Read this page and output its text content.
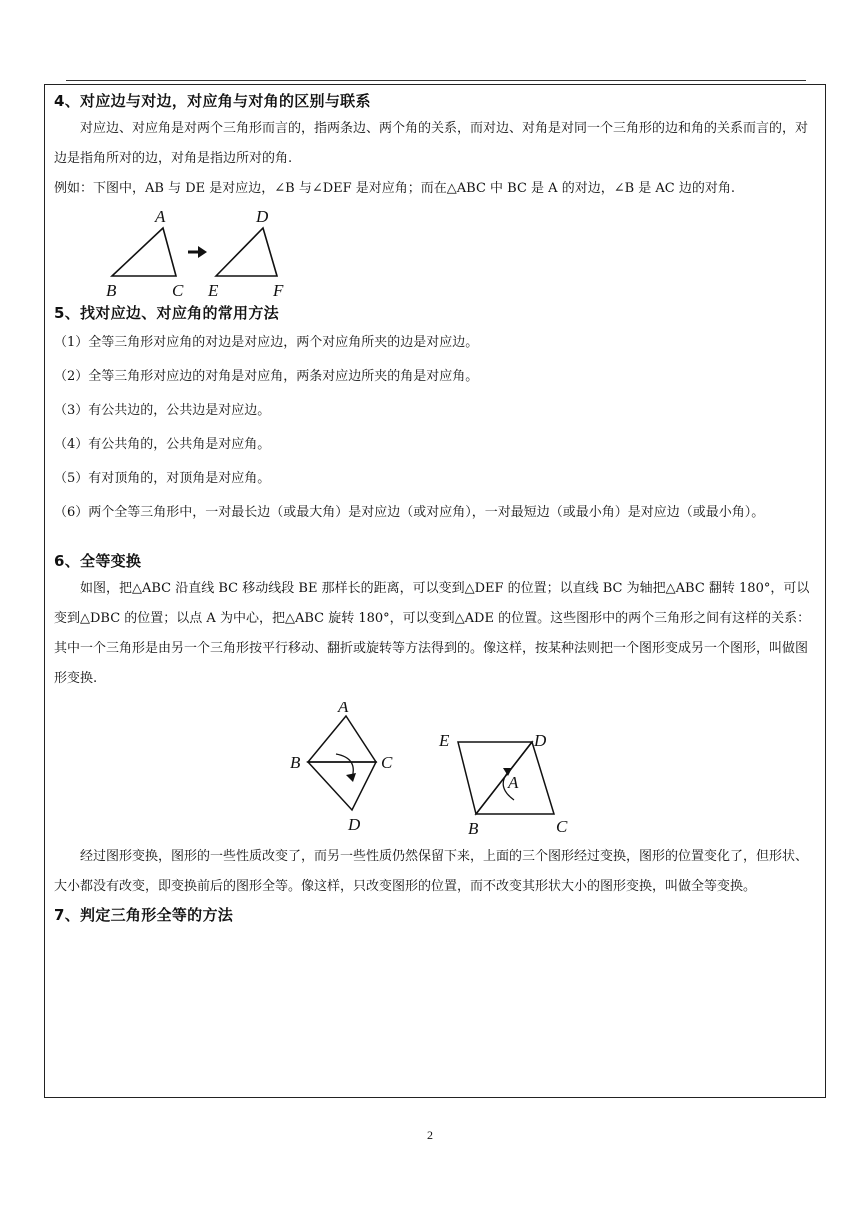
4、对应边与对边，对应角与对角的区别与联系

对应边、对应角是对两个三角形而言的，指两条边、两个角的关系，而对边、对角是对同一个三角形的边和角的关系而言的，对边是指角所对的边，对角是指边所对的角.

例如：下图中，AB 与 DE 是对应边，∠B 与∠DEF 是对应角；而在△ABC 中 BC 是 A 的对边，∠B 是 AC 边的对角.

A
B	C
D
E	F
5、找对应边、对应角的常用方法

（1）全等三角形对应角的对边是对应边，两个对应角所夹的边是对应边。

（2）全等三角形对应边的对角是对应角，两条对应边所夹的角是对应角。

（3）有公共边的，公共边是对应边。

（4）有公共角的，公共角是对应角。

（5）有对顶角的，对顶角是对应角。

（6）两个全等三角形中，一对最长边（或最大角）是对应边（或对应角），一对最短边（或最小角）是对应边（或最小角）。

6、全等变换

如图，把△ABC 沿直线 BC 移动线段 BE 那样长的距离，可以变到△DEF 的位置；以直线 BC 为轴把△ABC 翻转 180°，可以变到△DBC 的位置；以点 A 为中心，把△ABC 旋转 180°，可以变到△ADE 的位置。这些图形中的两个三角形之间有这样的关系：其中一个三角形是由另一个三角形按平行移动、翻折或旋转等方法得到的。像这样，按某种法则把一个图形变成另一个图形，叫做图形变换.

A
B	C
D
E	D
A
B	C

经过图形变换，图形的一些性质改变了，而另一些性质仍然保留下来，上面的三个图形经过变换，图形的位置变化了，但形状、大小都没有改变，即变换前后的图形全等。像这样，只改变图形的位置，而不改变其形状大小的图形变换，叫做全等变换。

7、判定三角形全等的方法
2
